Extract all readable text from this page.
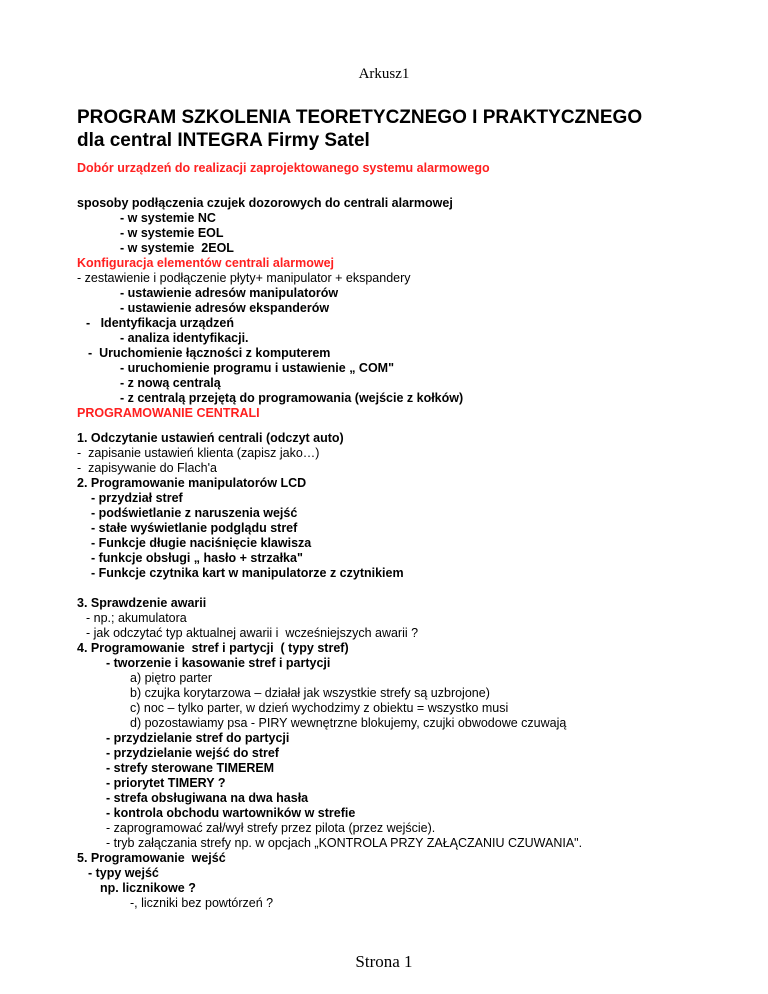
Arkusz1
PROGRAM SZKOLENIA TEORETYCZNEGO I PRAKTYCZNEGO
dla central INTEGRA Firmy Satel
Dobór urządzeń do realizacji zaprojektowanego systemu alarmowego
sposoby podłączenia czujek dozorowych do centrali alarmowej
- w systemie NC
- w systemie EOL
- w systemie  2EOL
Konfiguracja elementów centrali alarmowej
- zestawienie i podłączenie płyty+ manipulator + ekspandery
- ustawienie adresów manipulatorów
- ustawienie adresów ekspanderów
-   Identyfikacja urządzeń
- analiza identyfikacji.
-  Uruchomienie łączności z komputerem
- uruchomienie programu i ustawienie „ COM"
- z nową centralą
- z centralą przejętą do programowania (wejście z kołków)
PROGRAMOWANIE CENTRALI
1. Odczytanie ustawień centrali (odczyt auto)
-  zapisanie ustawień klienta (zapisz jako…)
-  zapisywanie do Flach'a
2. Programowanie manipulatorów LCD
- przydział stref
- podświetlanie z naruszenia wejść
- stałe wyświetlanie podglądu stref
- Funkcje długie naciśnięcie klawisza
- funkcje obsługi „ hasło + strzałka"
- Funkcje czytnika kart w manipulatorze z czytnikiem
3. Sprawdzenie awarii
- np.; akumulatora
- jak odczytać typ aktualnej awarii i  wcześniejszych awarii ?
4. Programowanie  stref i partycji  ( typy stref)
- tworzenie i kasowanie stref i partycji
a) piętro parter
b) czujka korytarzowa – działał jak wszystkie strefy są uzbrojone)
c) noc – tylko parter, w dzień wychodzimy z obiektu = wszystko musi
d) pozostawiamy psa - PIRY wewnętrzne blokujemy, czujki obwodowe czuwają
- przydzielanie stref do partycji
- przydzielanie wejść do stref
- strefy sterowane TIMEREM
- priorytet TIMERY ?
- strefa obsługiwana na dwa hasła
- kontrola obchodu wartowników w strefie
- zaprogramować zał/wył strefy przez pilota (przez wejście).
- tryb załączania strefy np. w opcjach „KONTROLA PRZY ZAŁĄCZANIU CZUWANIA".
5. Programowanie  wejść
- typy wejść
np. licznikowe ?
-, liczniki bez powtórzeń ?
Strona 1
